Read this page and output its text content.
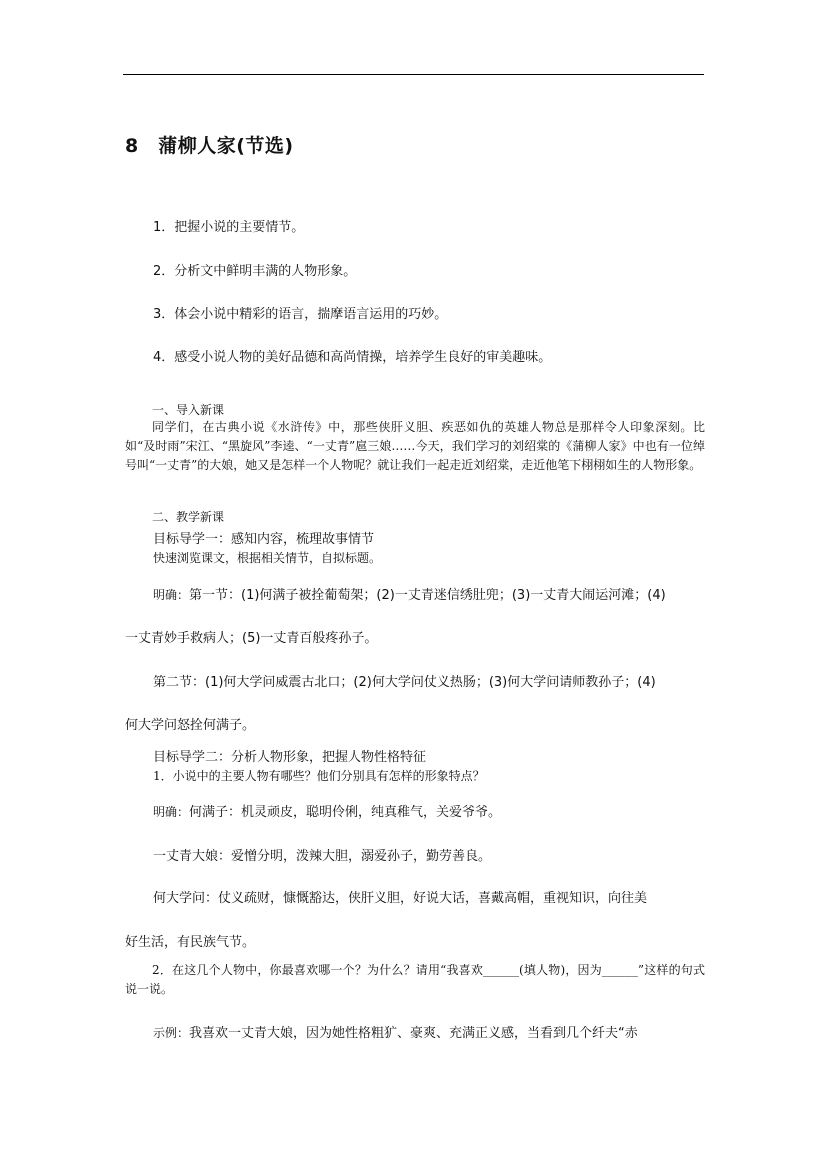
8　蒲柳人家(节选)
1．把握小说的主要情节。
2．分析文中鲜明丰满的人物形象。
3．体会小说中精彩的语言，揣摩语言运用的巧妙。
4．感受小说人物的美好品德和高尚情操，培养学生良好的审美趣味。
一、导入新课
同学们，在古典小说《水浒传》中，那些侠肝义胆、疾恶如仇的英雄人物总是那样令人印象深刻。比如“及时雨”宋江、“黑旋风”李逵、“一丈青”扈三娘……今天，我们学习的刘绍棠的《蒲柳人家》中也有一位绰号叫“一丈青”的大娘，她又是怎样一个人物呢？就让我们一起走近刘绍棠，走近他笔下栩栩如生的人物形象。
二、教学新课
目标导学一：感知内容，梳理故事情节
快速浏览课文，根据相关情节，自拟标题。
明确：第一节：(1)何满子被拴葡萄架；(2)一丈青迷信绣肚兜；(3)一丈青大闹运河滩；(4)
一丈青妙手救病人；(5)一丈青百般疼孙子。
第二节：(1)何大学问威震古北口；(2)何大学问仗义热肠；(3)何大学问请师教孙子；(4)
何大学问怒拴何满子。
目标导学二：分析人物形象，把握人物性格特征
1．小说中的主要人物有哪些？他们分别具有怎样的形象特点？
明确：何满子：机灵顽皮，聪明伶俐，纯真稚气，关爱爷爷。
一丈青大娘：爱憎分明，泼辣大胆，溺爱孙子，勤劳善良。
何大学问：仗义疏财，慷慨豁达，侠肝义胆，好说大话，喜戴高帽，重视知识，向往美
好生活，有民族气节。
2．在这几个人物中，你最喜欢哪一个？为什么？请用“我喜欢______(填人物)，因为______”这样的句式说一说。
示例：我喜欢一丈青大娘，因为她性格粗犷、豪爽、充满正义感，当看到几个纤夫“赤
